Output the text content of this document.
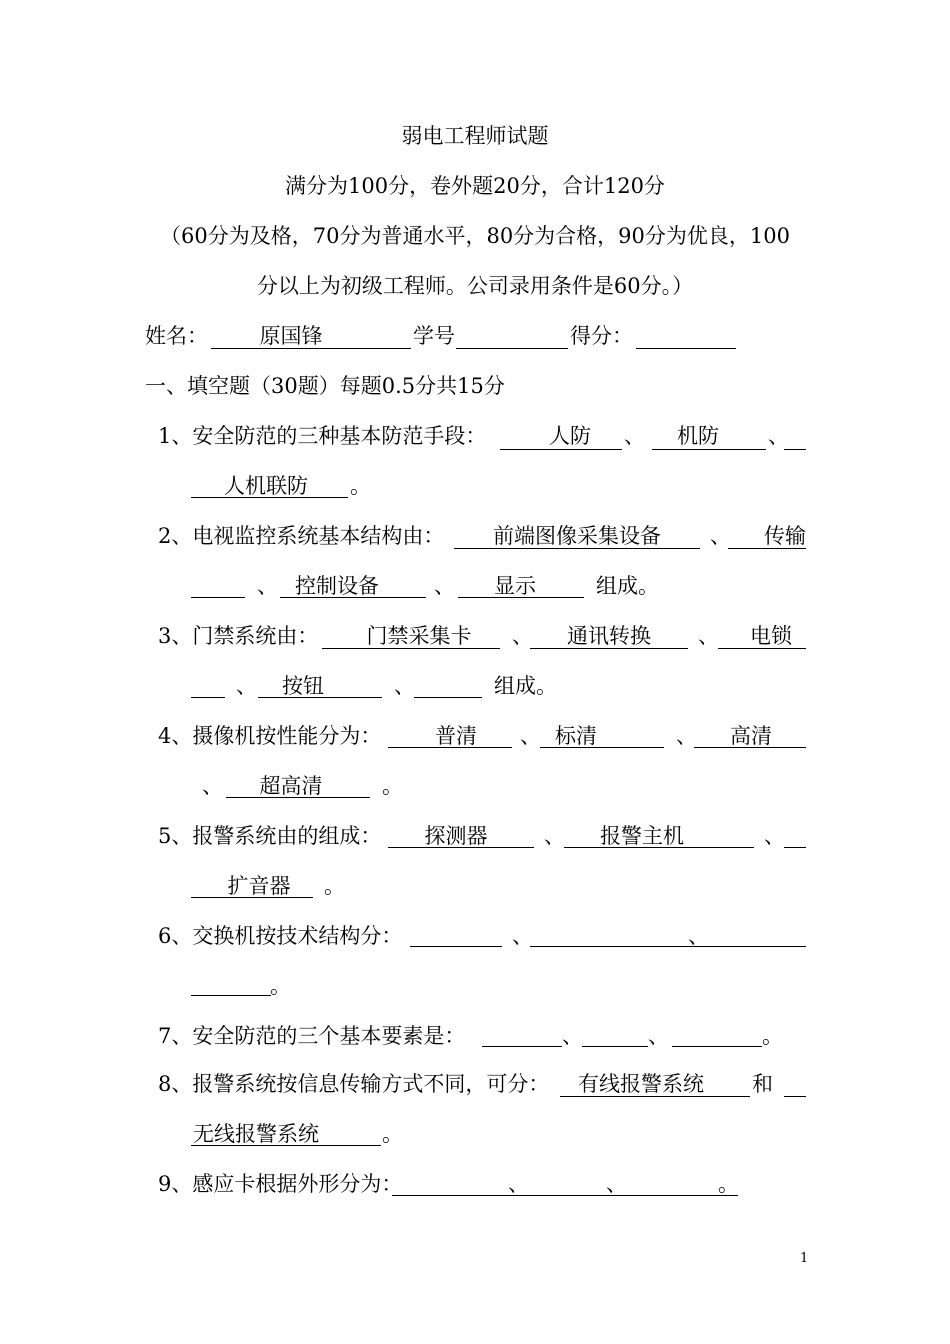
弱电工程师试题
满分为100分，卷外题20分，合计120分
（60分为及格，70分为普通水平，80分为合格，90分为优良，100
分以上为初级工程师。公司录用条件是60分。）
姓名：	原国锋	学号	得分：
一、填空题（30题）每题0.5分共15分
1、安全防范的三种基本防范手段：	人防	、	机防	、
人机联防	。
2、电视监控系统基本结构由：	前端图像采集设备	、 传输
、 控制设备	、	显示	组成。
3、门禁系统由：	门禁采集卡	、	通讯转换	、 电锁
、	按钮	、	组成。
4、摄像机按性能分为：	普清	、 标清	、	高清
、	超高清	。
5、报警系统由的组成：	探测器	、	报警主机	、
扩音器	。
6、交换机按技术结构分：	、	、
。
7、安全防范的三个基本要素是：	、	、	。
8、报警系统按信息传输方式不同，可分：	有线报警系统	和
无线报警系统	。
9、感应卡根据外形分为：	、	、	。
1
